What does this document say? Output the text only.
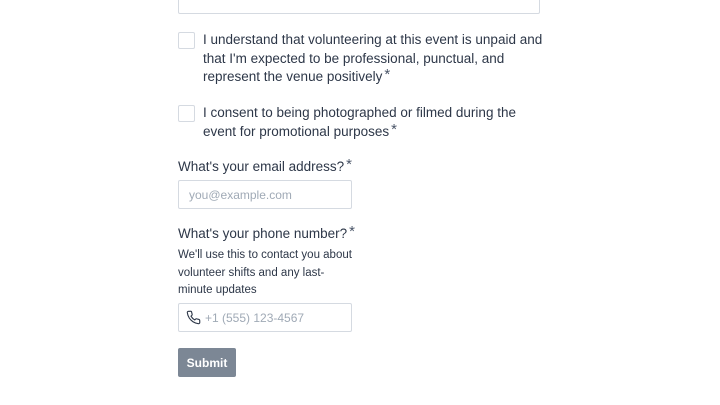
I understand that volunteering at this event is unpaid and that I'm expected to be professional, punctual, and represent the venue positively *
I consent to being photographed or filmed during the event for promotional purposes *
What's your email address? *
you@example.com
What's your phone number? *
We'll use this to contact you about volunteer shifts and any last-minute updates
+1 (555) 123-4567
Submit
